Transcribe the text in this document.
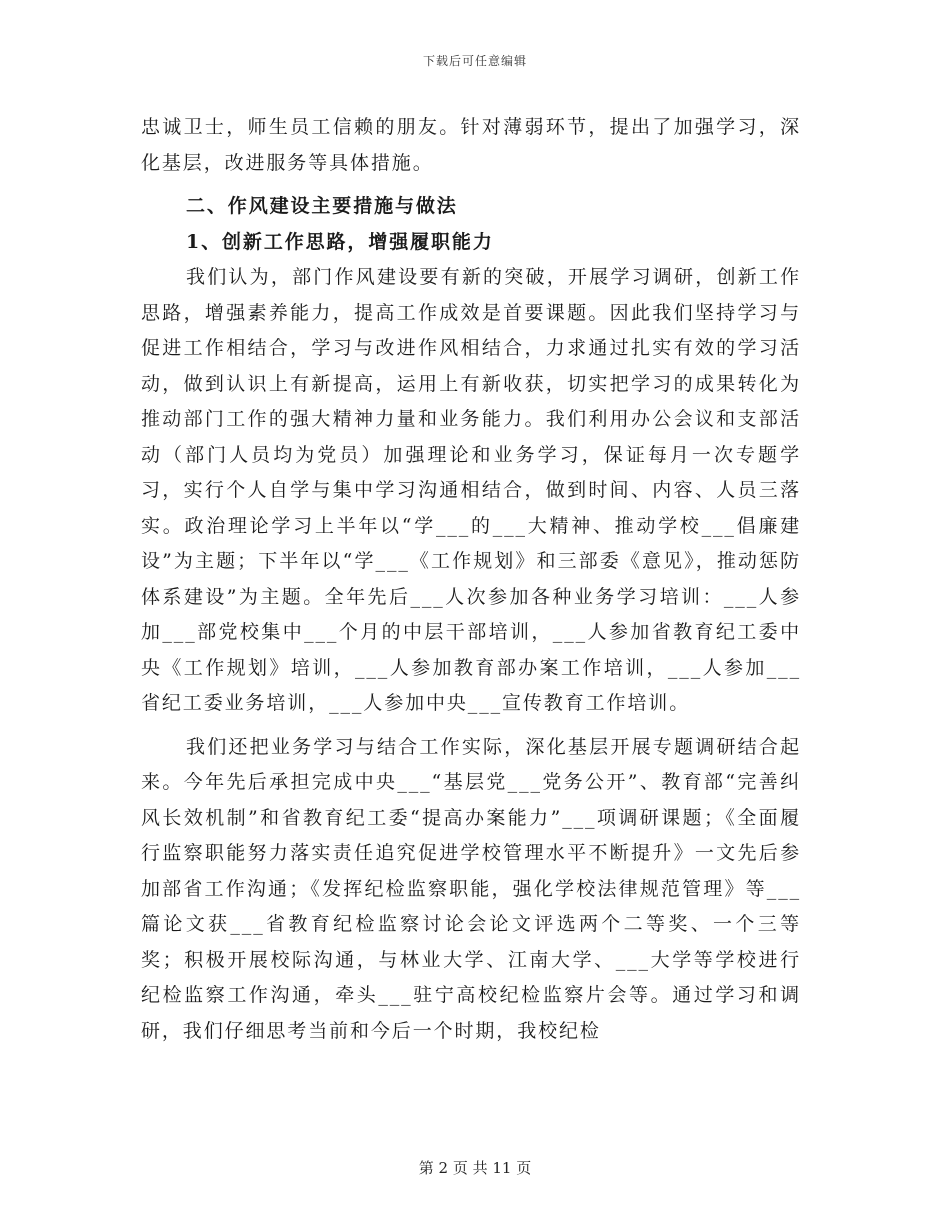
下载后可任意编辑

忠诚卫士，师生员工信赖的朋友。针对薄弱环节，提出了加强学习，深化基层，改进服务等具体措施。

二、作风建设主要措施与做法

1、创新工作思路，增强履职能力

我们认为，部门作风建设要有新的突破，开展学习调研，创新工作思路，增强素养能力，提高工作成效是首要课题。因此我们坚持学习与促进工作相结合，学习与改进作风相结合，力求通过扎实有效的学习活动，做到认识上有新提高，运用上有新收获，切实把学习的成果转化为推动部门工作的强大精神力量和业务能力。我们利用办公会议和支部活动（部门人员均为党员）加强理论和业务学习，保证每月一次专题学习，实行个人自学与集中学习沟通相结合，做到时间、内容、人员三落实。政治理论学习上半年以“学___的___大精神、推动学校___倡廉建设”为主题；下半年以“学___《工作规划》和三部委《意见》，推动惩防体系建设”为主题。全年先后___人次参加各种业务学习培训：___人参加___部党校集中___个月的中层干部培训，___人参加省教育纪工委中央《工作规划》培训，___人参加教育部办案工作培训，___人参加___省纪工委业务培训，___人参加中央___宣传教育工作培训。

我们还把业务学习与结合工作实际，深化基层开展专题调研结合起来。今年先后承担完成中央___“基层党___党务公开”、教育部“完善纠风长效机制”和省教育纪工委“提高办案能力”___项调研课题；《全面履行监察职能努力落实责任追究促进学校管理水平不断提升》一文先后参加部省工作沟通；《发挥纪检监察职能，强化学校法律规范管理》等___篇论文获___省教育纪检监察讨论会论文评选两个二等奖、一个三等奖；积极开展校际沟通，与林业大学、江南大学、___大学等学校进行纪检监察工作沟通，牵头___驻宁高校纪检监察片会等。通过学习和调研，我们仔细思考当前和今后一个时期，我校纪检

第 2 页 共 11 页
